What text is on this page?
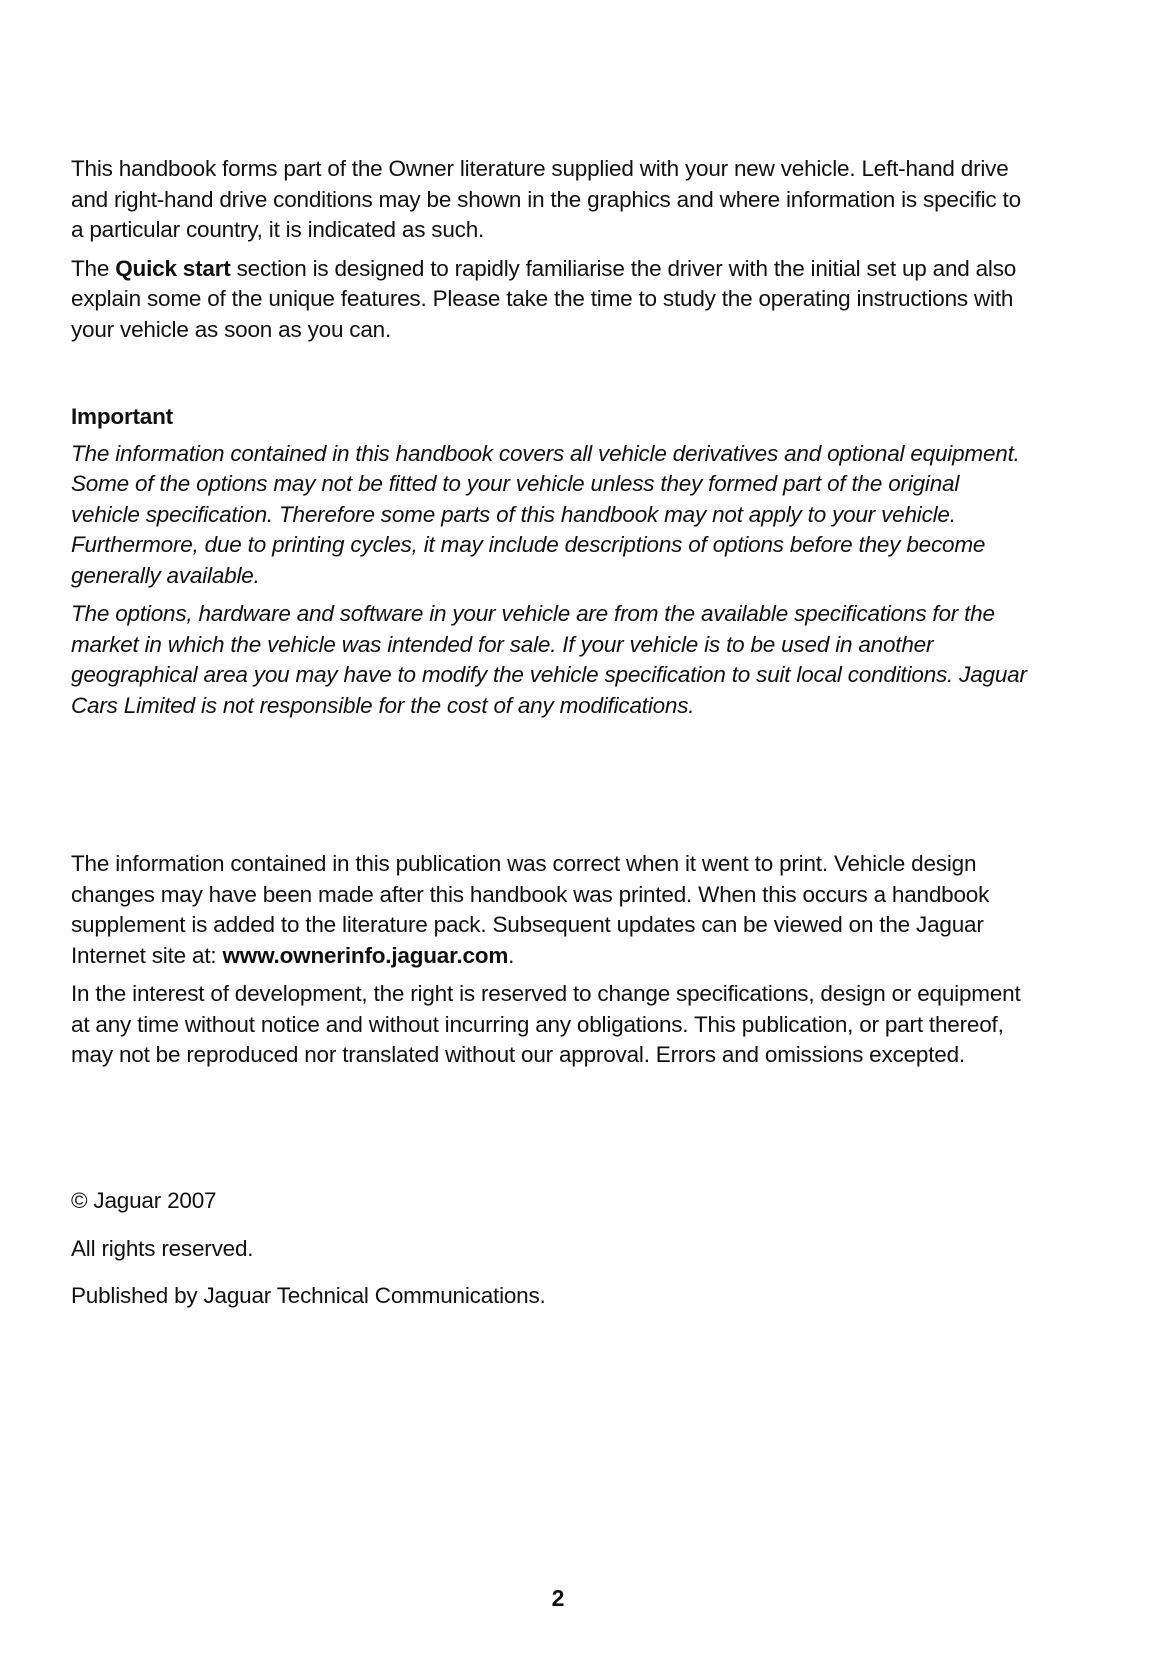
This handbook forms part of the Owner literature supplied with your new vehicle. Left-hand drive and right-hand drive conditions may be shown in the graphics and where information is specific to a particular country, it is indicated as such.

The Quick start section is designed to rapidly familiarise the driver with the initial set up and also explain some of the unique features. Please take the time to study the operating instructions with your vehicle as soon as you can.

Important

The information contained in this handbook covers all vehicle derivatives and optional equipment. Some of the options may not be fitted to your vehicle unless they formed part of the original vehicle specification. Therefore some parts of this handbook may not apply to your vehicle. Furthermore, due to printing cycles, it may include descriptions of options before they become generally available.

The options, hardware and software in your vehicle are from the available specifications for the market in which the vehicle was intended for sale. If your vehicle is to be used in another geographical area you may have to modify the vehicle specification to suit local conditions. Jaguar Cars Limited is not responsible for the cost of any modifications.

The information contained in this publication was correct when it went to print. Vehicle design changes may have been made after this handbook was printed. When this occurs a handbook supplement is added to the literature pack. Subsequent updates can be viewed on the Jaguar Internet site at: www.ownerinfo.jaguar.com.

In the interest of development, the right is reserved to change specifications, design or equipment at any time without notice and without incurring any obligations. This publication, or part thereof, may not be reproduced nor translated without our approval. Errors and omissions excepted.

© Jaguar 2007

All rights reserved.

Published by Jaguar Technical Communications.

2
